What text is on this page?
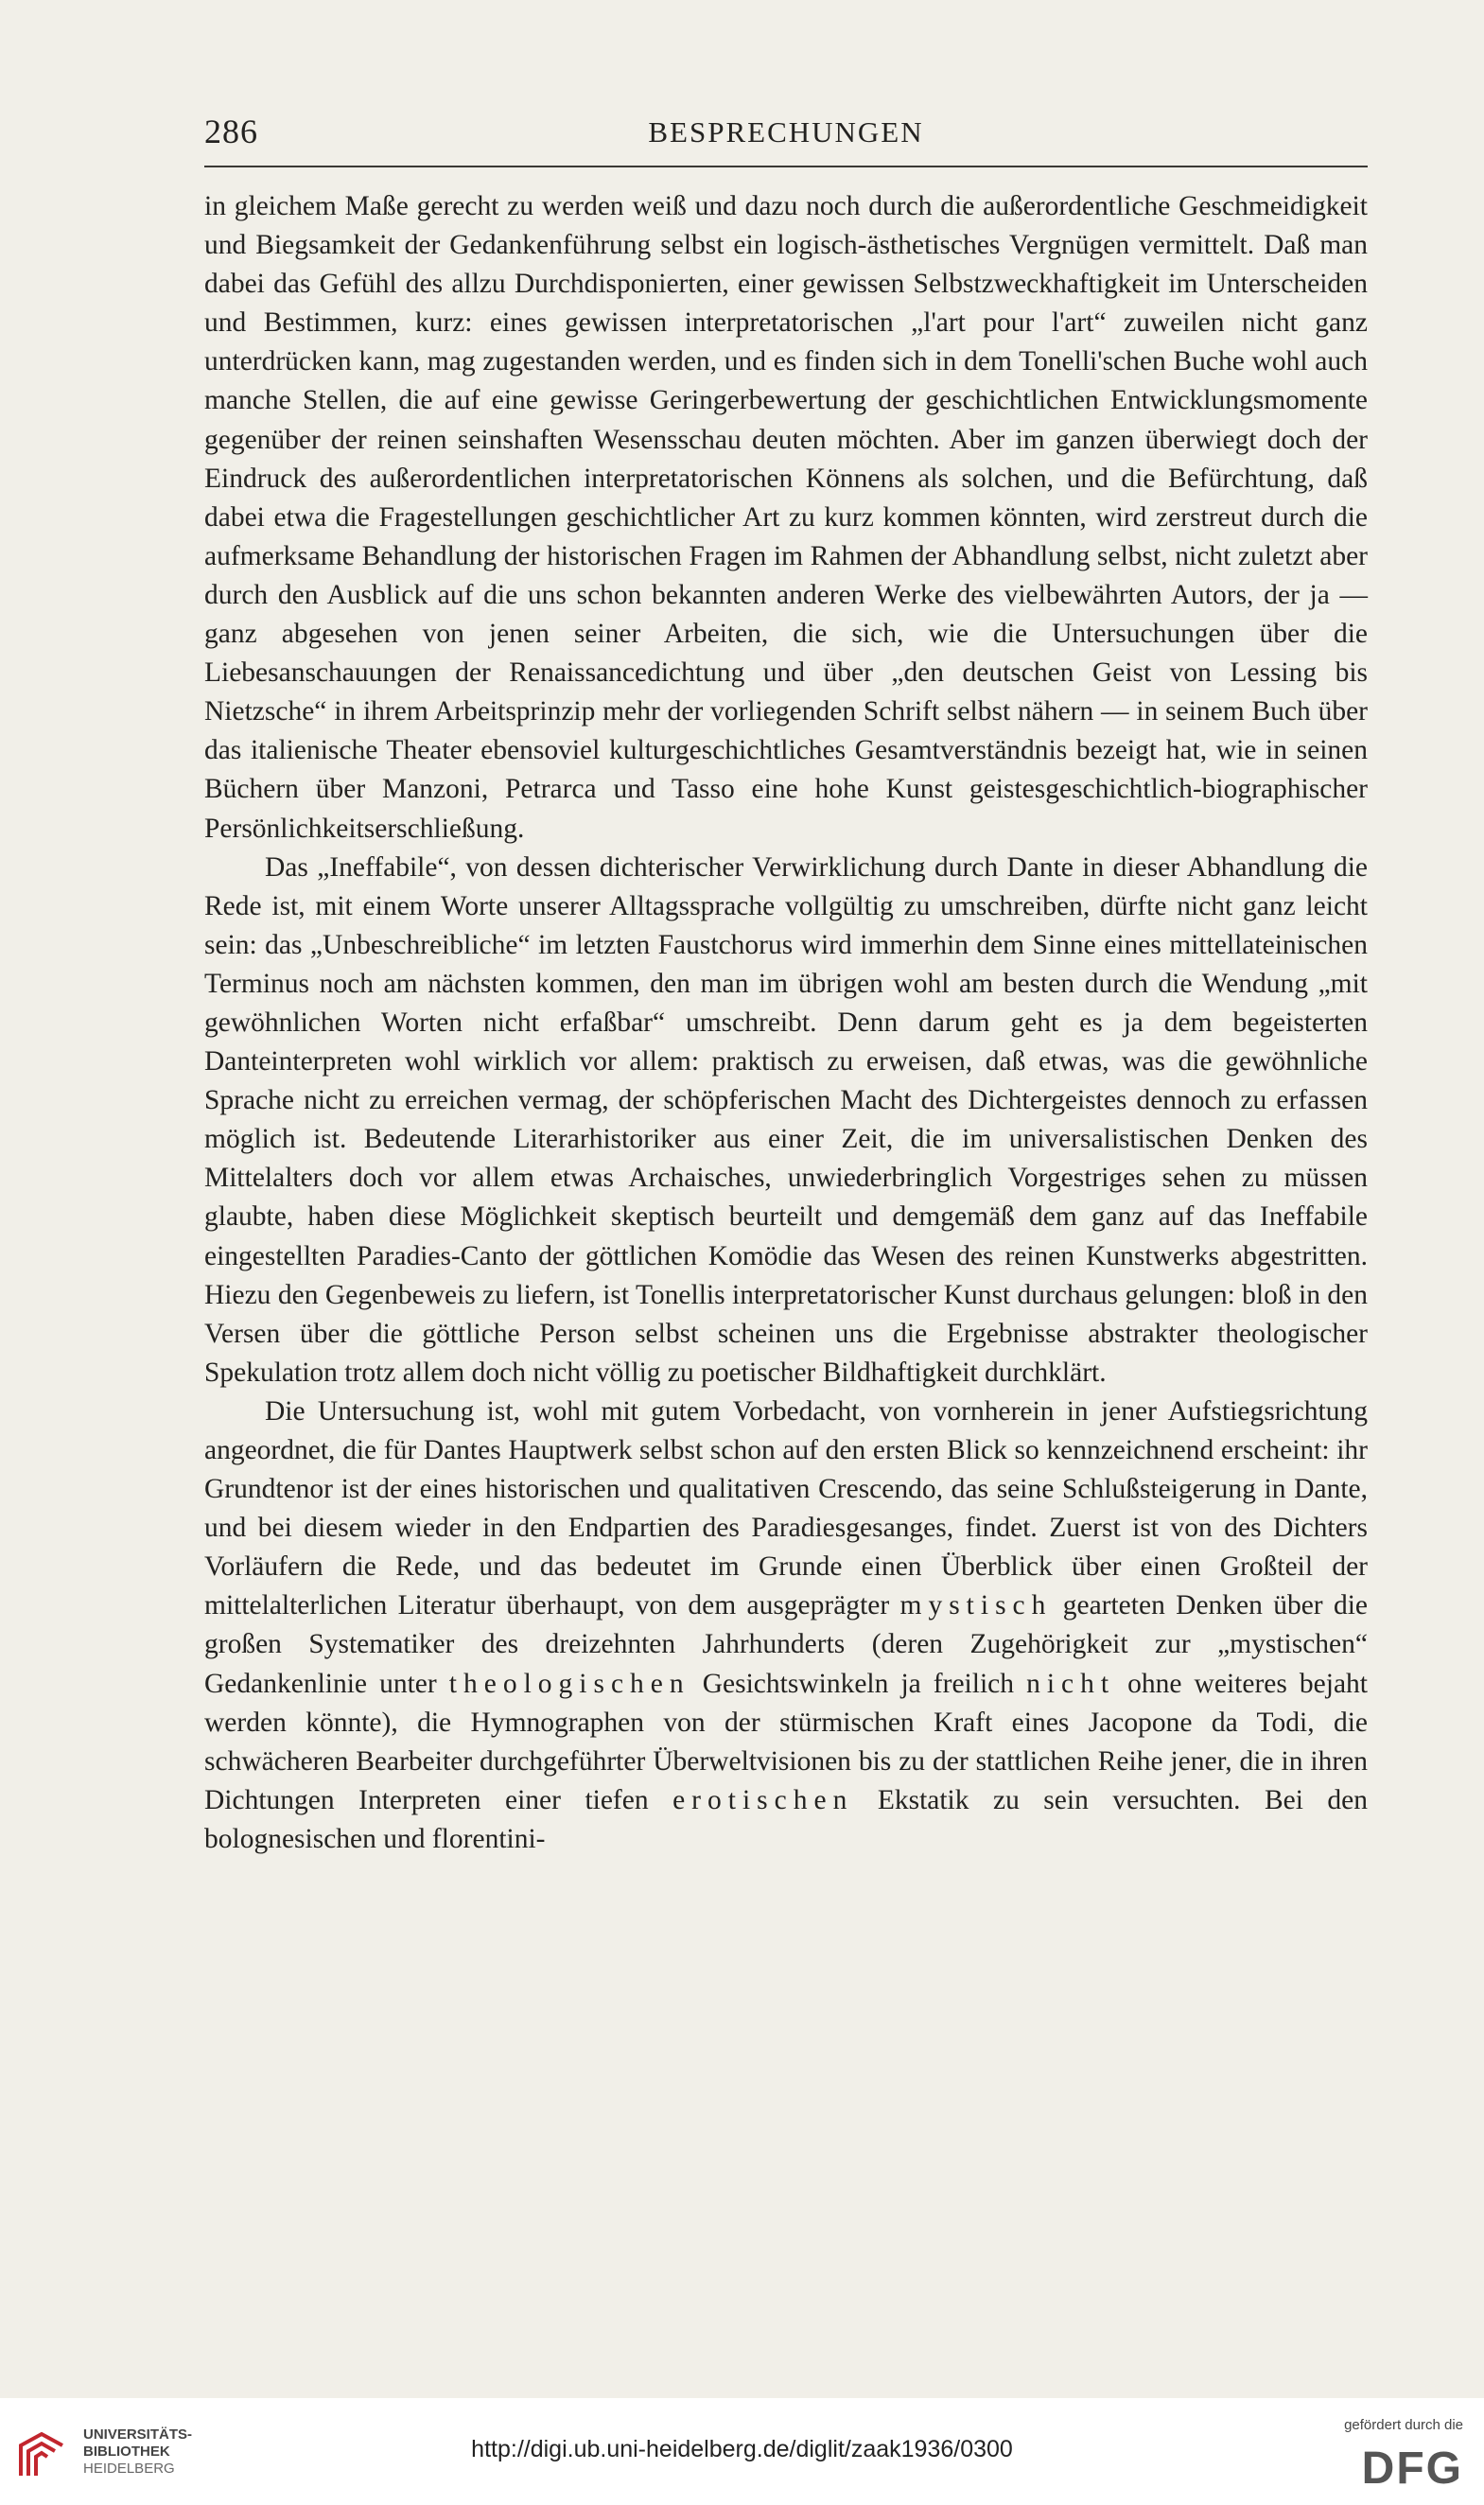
286	BESPRECHUNGEN

in gleichem Maße gerecht zu werden weiß und dazu noch durch die außerordentliche Geschmeidigkeit und Biegsamkeit der Gedankenführung selbst ein logisch-ästhetisches Vergnügen vermittelt. Daß man dabei das Gefühl des allzu Durchdisponierten, einer gewissen Selbstzweckhaftigkeit im Unterscheiden und Bestimmen, kurz: eines gewissen interpretatorischen „l'art pour l'art“ zuweilen nicht ganz unterdrücken kann, mag zugestanden werden, und es finden sich in dem Tonelli'schen Buche wohl auch manche Stellen, die auf eine gewisse Geringerbewertung der geschichtlichen Entwicklungsmomente gegenüber der reinen seinshaften Wesensschau deuten möchten. Aber im ganzen überwiegt doch der Eindruck des außerordentlichen interpretatorischen Könnens als solchen, und die Befürchtung, daß dabei etwa die Fragestellungen geschichtlicher Art zu kurz kommen könnten, wird zerstreut durch die aufmerksame Behandlung der historischen Fragen im Rahmen der Abhandlung selbst, nicht zuletzt aber durch den Ausblick auf die uns schon bekannten anderen Werke des vielbewährten Autors, der ja — ganz abgesehen von jenen seiner Arbeiten, die sich, wie die Untersuchungen über die Liebesanschauungen der Renaissancedichtung und über „den deutschen Geist von Lessing bis Nietzsche“ in ihrem Arbeitsprinzip mehr der vorliegenden Schrift selbst nähern — in seinem Buch über das italienische Theater ebensoviel kulturgeschichtliches Gesamtverständnis bezeigt hat, wie in seinen Büchern über Manzoni, Petrarca und Tasso eine hohe Kunst geistesgeschichtlich-biographischer Persönlichkeitserschließung.

Das „Ineffabile“, von dessen dichterischer Verwirklichung durch Dante in dieser Abhandlung die Rede ist, mit einem Worte unserer Alltagssprache vollgültig zu umschreiben, dürfte nicht ganz leicht sein: das „Unbeschreibliche“ im letzten Faustchorus wird immerhin dem Sinne eines mittellateinischen Terminus noch am nächsten kommen, den man im übrigen wohl am besten durch die Wendung „mit gewöhnlichen Worten nicht erfaßbar“ umschreibt. Denn darum geht es ja dem begeisterten Danteinterpreten wohl wirklich vor allem: praktisch zu erweisen, daß etwas, was die gewöhnliche Sprache nicht zu erreichen vermag, der schöpferischen Macht des Dichtergeistes dennoch zu erfassen möglich ist. Bedeutende Literarhistoriker aus einer Zeit, die im universalistischen Denken des Mittelalters doch vor allem etwas Archaisches, unwiederbringlich Vorgestriges sehen zu müssen glaubte, haben diese Möglichkeit skeptisch beurteilt und demgemäß dem ganz auf das Ineffabile eingestellten Paradies-Canto der göttlichen Komödie das Wesen des reinen Kunstwerks abgestritten. Hiezu den Gegenbeweis zu liefern, ist Tonellis interpretatorischer Kunst durchaus gelungen: bloß in den Versen über die göttliche Person selbst scheinen uns die Ergebnisse abstrakter theologischer Spekulation trotz allem doch nicht völlig zu poetischer Bildhaftigkeit durchklärt.

Die Untersuchung ist, wohl mit gutem Vorbedacht, von vornherein in jener Aufstiegsrichtung angeordnet, die für Dantes Hauptwerk selbst schon auf den ersten Blick so kennzeichnend erscheint: ihr Grundtenor ist der eines historischen und qualitativen Crescendo, das seine Schlußsteigerung in Dante, und bei diesem wieder in den Endpartien des Paradiesgesanges, findet. Zuerst ist von des Dichters Vorläufern die Rede, und das bedeutet im Grunde einen Überblick über einen Großteil der mittelalterlichen Literatur überhaupt, von dem ausgeprägter mystisch gearteten Denken über die großen Systematiker des dreizehnten Jahrhunderts (deren Zugehörigkeit zur „mystischen“ Gedankenlinie unter theologischen Gesichtswinkeln ja freilich nicht ohne weiteres bejaht werden könnte), die Hymnographen von der stürmischen Kraft eines Jacopone da Todi, die schwächeren Bearbeiter durchgeführter Überweltvisionen bis zu der stattlichen Reihe jener, die in ihren Dichtungen Interpreten einer tiefen erotischen Ekstatik zu sein versuchten. Bei den bolognesischen und florentini-

UNIVERSITÄTS-
BIBLIOTHEK
HEIDELBERG
http://digi.ub.uni-heidelberg.de/diglit/zaak1936/0300
gefördert durch die
DFG
